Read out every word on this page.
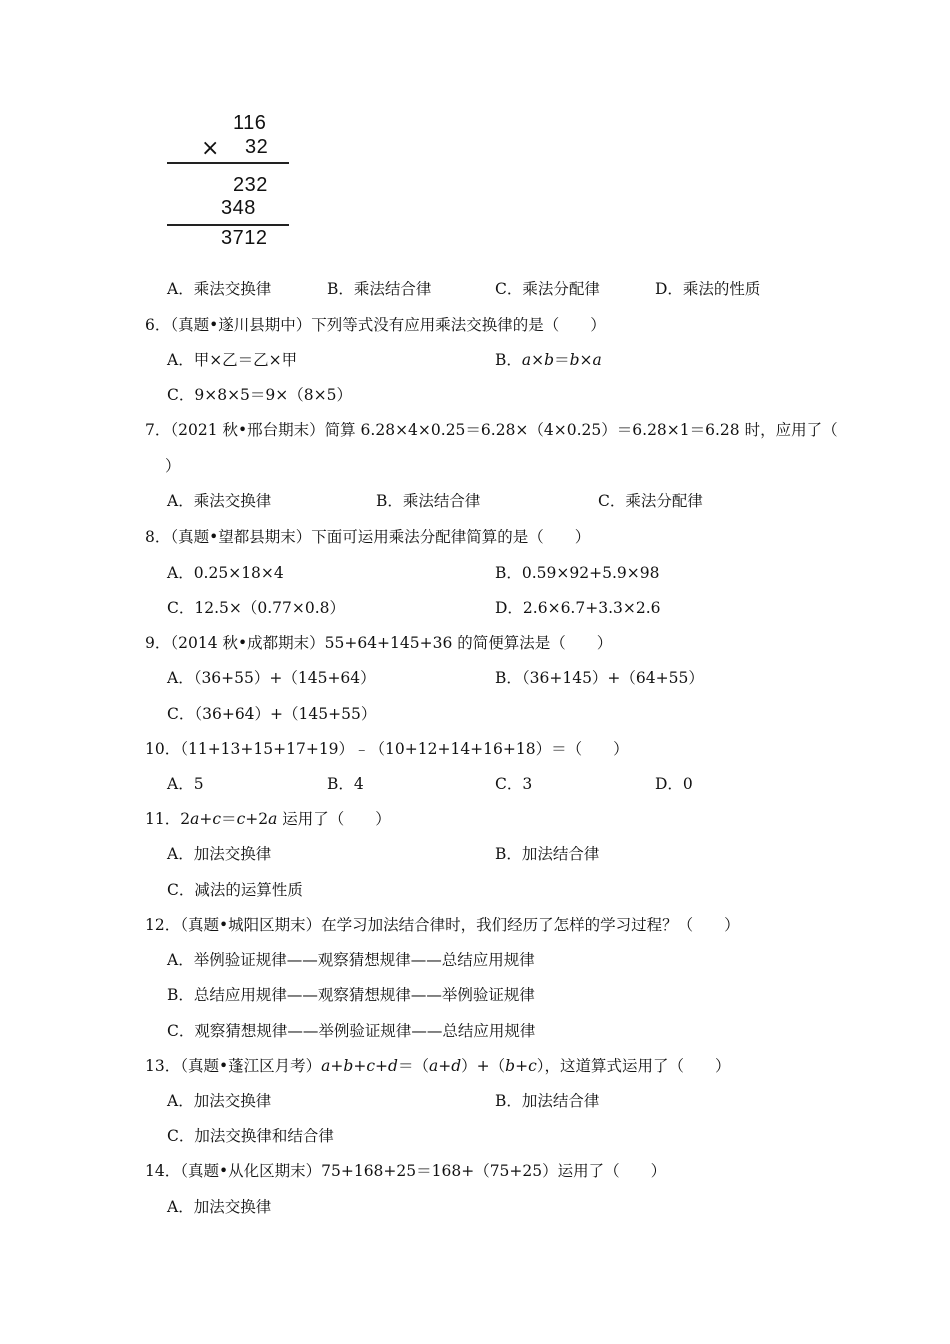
116
× 32
232
348
3712
A．乘法交换律	B．乘法结合律	C．乘法分配律	D．乘法的性质
6．（真题•遂川县期中）下列等式没有应用乘法交换律的是（　　）
A．甲×乙＝乙×甲	B．a×b＝b×a
C．9×8×5＝9×（8×5）
7．（2021 秋•邢台期末）简算 6.28×4×0.25＝6.28×（4×0.25）＝6.28×1＝6.28 时，应用了（
）
A．乘法交换律	B．乘法结合律	C．乘法分配律
8．（真题•望都县期末）下面可运用乘法分配律简算的是（　　）
A．0.25×18×4	B．0.59×92+5.9×98
C．12.5×（0.77×0.8）	D．2.6×6.7+3.3×2.6
9．（2014 秋•成都期末）55+64+145+36 的简便算法是（　　）
A．（36+55）+（145+64）	B．（36+145）+（64+55）
C．（36+64）+（145+55）
10．（11+13+15+17+19）﹣（10+12+14+16+18）＝（　　）
A．5	B．4	C．3	D．0
11．2a+c＝c+2a 运用了（　　）
A．加法交换律	B．加法结合律
C．减法的运算性质
12．（真题•城阳区期末）在学习加法结合律时，我们经历了怎样的学习过程？（　　）
A．举例验证规律——观察猜想规律——总结应用规律
B．总结应用规律——观察猜想规律——举例验证规律
C．观察猜想规律——举例验证规律——总结应用规律
13．（真题•蓬江区月考）a+b+c+d＝（a+d）+（b+c），这道算式运用了（　　）
A．加法交换律	B．加法结合律
C．加法交换律和结合律
14．（真题•从化区期末）75+168+25＝168+（75+25）运用了（　　）
A．加法交换律
